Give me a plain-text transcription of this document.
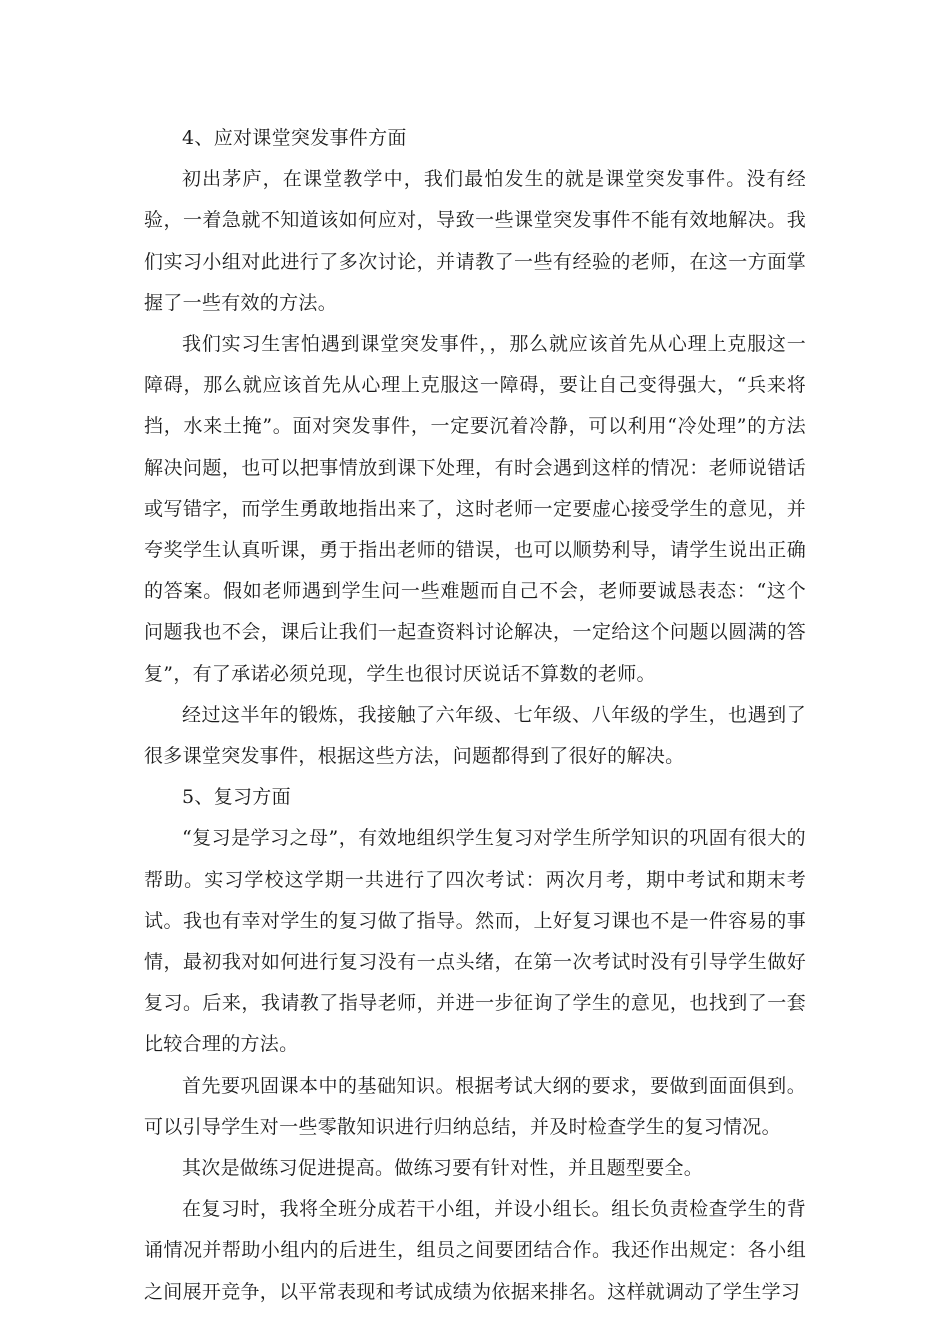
4、应对课堂突发事件方面

初出茅庐，在课堂教学中，我们最怕发生的就是课堂突发事件。没有经验，一着急就不知道该如何应对，导致一些课堂突发事件不能有效地解决。我们实习小组对此进行了多次讨论，并请教了一些有经验的老师，在这一方面掌握了一些有效的方法。

我们实习生害怕遇到课堂突发事件，，那么就应该首先从心理上克服这一障碍，那么就应该首先从心理上克服这一障碍，要让自己变得强大，“兵来将挡，水来土掩”。面对突发事件，一定要沉着冷静，可以利用“冷处理”的方法解决问题，也可以把事情放到课下处理，有时会遇到这样的情况：老师说错话或写错字，而学生勇敢地指出来了，这时老师一定要虚心接受学生的意见，并夸奖学生认真听课，勇于指出老师的错误，也可以顺势利导，请学生说出正确的答案。假如老师遇到学生问一些难题而自己不会，老师要诚恳表态：“这个问题我也不会，课后让我们一起查资料讨论解决，一定给这个问题以圆满的答复”，有了承诺必须兑现，学生也很讨厌说话不算数的老师。

经过这半年的锻炼，我接触了六年级、七年级、八年级的学生，也遇到了很多课堂突发事件，根据这些方法，问题都得到了很好的解决。

5、复习方面

“复习是学习之母”，有效地组织学生复习对学生所学知识的巩固有很大的帮助。实习学校这学期一共进行了四次考试：两次月考，期中考试和期末考试。我也有幸对学生的复习做了指导。然而，上好复习课也不是一件容易的事情，最初我对如何进行复习没有一点头绪，在第一次考试时没有引导学生做好复习。后来，我请教了指导老师，并进一步征询了学生的意见，也找到了一套比较合理的方法。

首先要巩固课本中的基础知识。根据考试大纲的要求，要做到面面俱到。可以引导学生对一些零散知识进行归纳总结，并及时检查学生的复习情况。

其次是做练习促进提高。做练习要有针对性，并且题型要全。

在复习时，我将全班分成若干小组，并设小组长。组长负责检查学生的背诵情况并帮助小组内的后进生，组员之间要团结合作。我还作出规定：各小组之间展开竞争，以平常表现和考试成绩为依据来排名。这样就调动了学生学习
